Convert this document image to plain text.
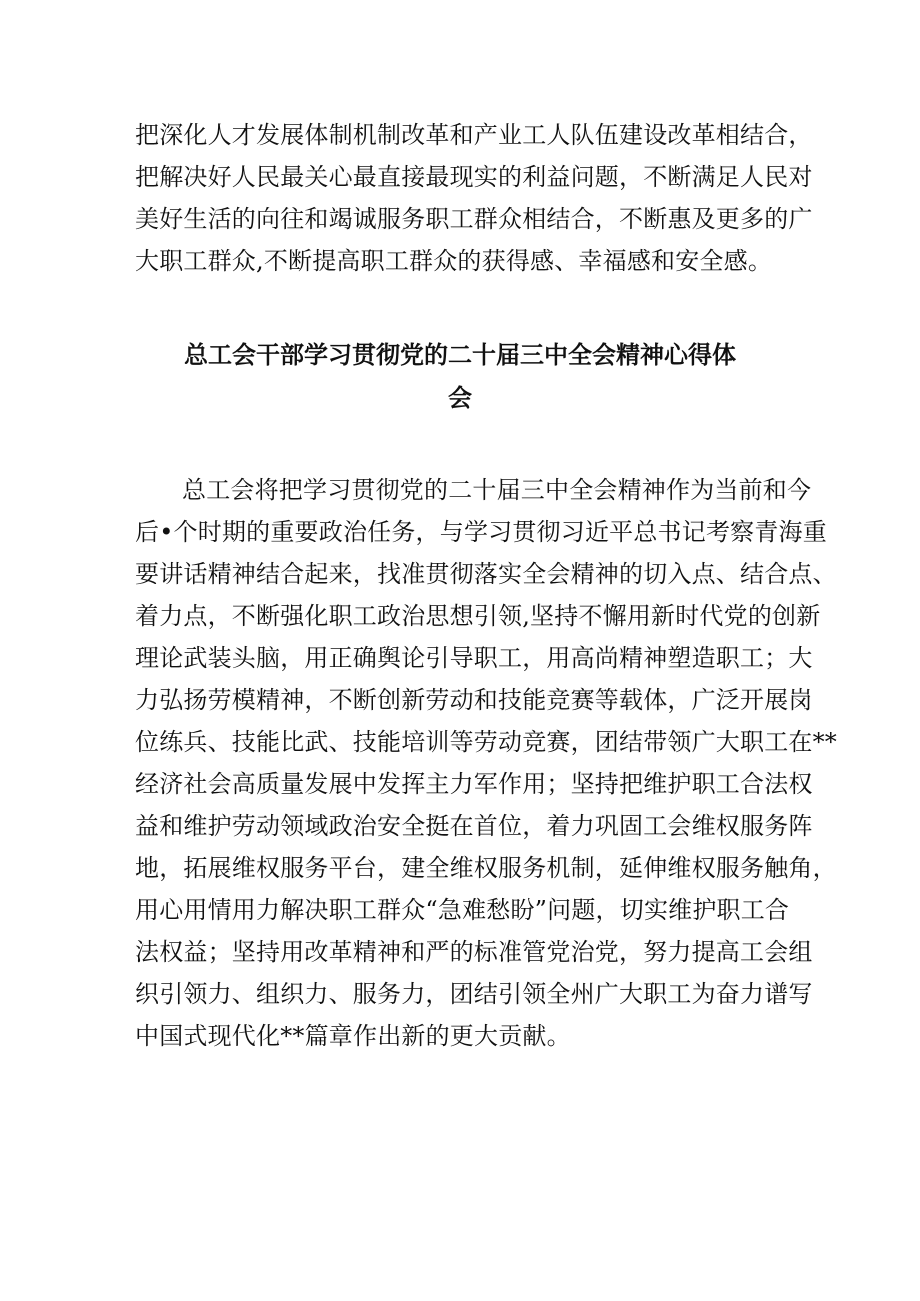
把深化人才发展体制机制改革和产业工人队伍建设改革相结合，
把解决好人民最关心最直接最现实的利益问题，不断满足人民对
美好生活的向往和竭诚服务职工群众相结合，不断惠及更多的广
大职工群众,不断提高职工群众的获得感、幸福感和安全感。
总工会干部学习贯彻党的二十届三中全会精神心得体
会
总工会将把学习贯彻党的二十届三中全会精神作为当前和今
后•个时期的重要政治任务，与学习贯彻习近平总书记考察青海重
要讲话精神结合起来，找准贯彻落实全会精神的切入点、结合点、
着力点，不断强化职工政治思想引领,坚持不懈用新时代党的创新
理论武装头脑，用正确舆论引导职工，用高尚精神塑造职工；大
力弘扬劳模精神，不断创新劳动和技能竞赛等载体，广泛开展岗
位练兵、技能比武、技能培训等劳动竞赛，团结带领广大职工在**
经济社会高质量发展中发挥主力军作用；坚持把维护职工合法权
益和维护劳动领域政治安全挺在首位，着力巩固工会维权服务阵
地，拓展维权服务平台，建全维权服务机制，延伸维权服务触角，
用心用情用力解决职工群众“急难愁盼”问题，切实维护职工合
法权益；坚持用改革精神和严的标准管党治党，努力提高工会组
织引领力、组织力、服务力，团结引领全州广大职工为奋力谱写
中国式现代化**篇章作出新的更大贡献。
